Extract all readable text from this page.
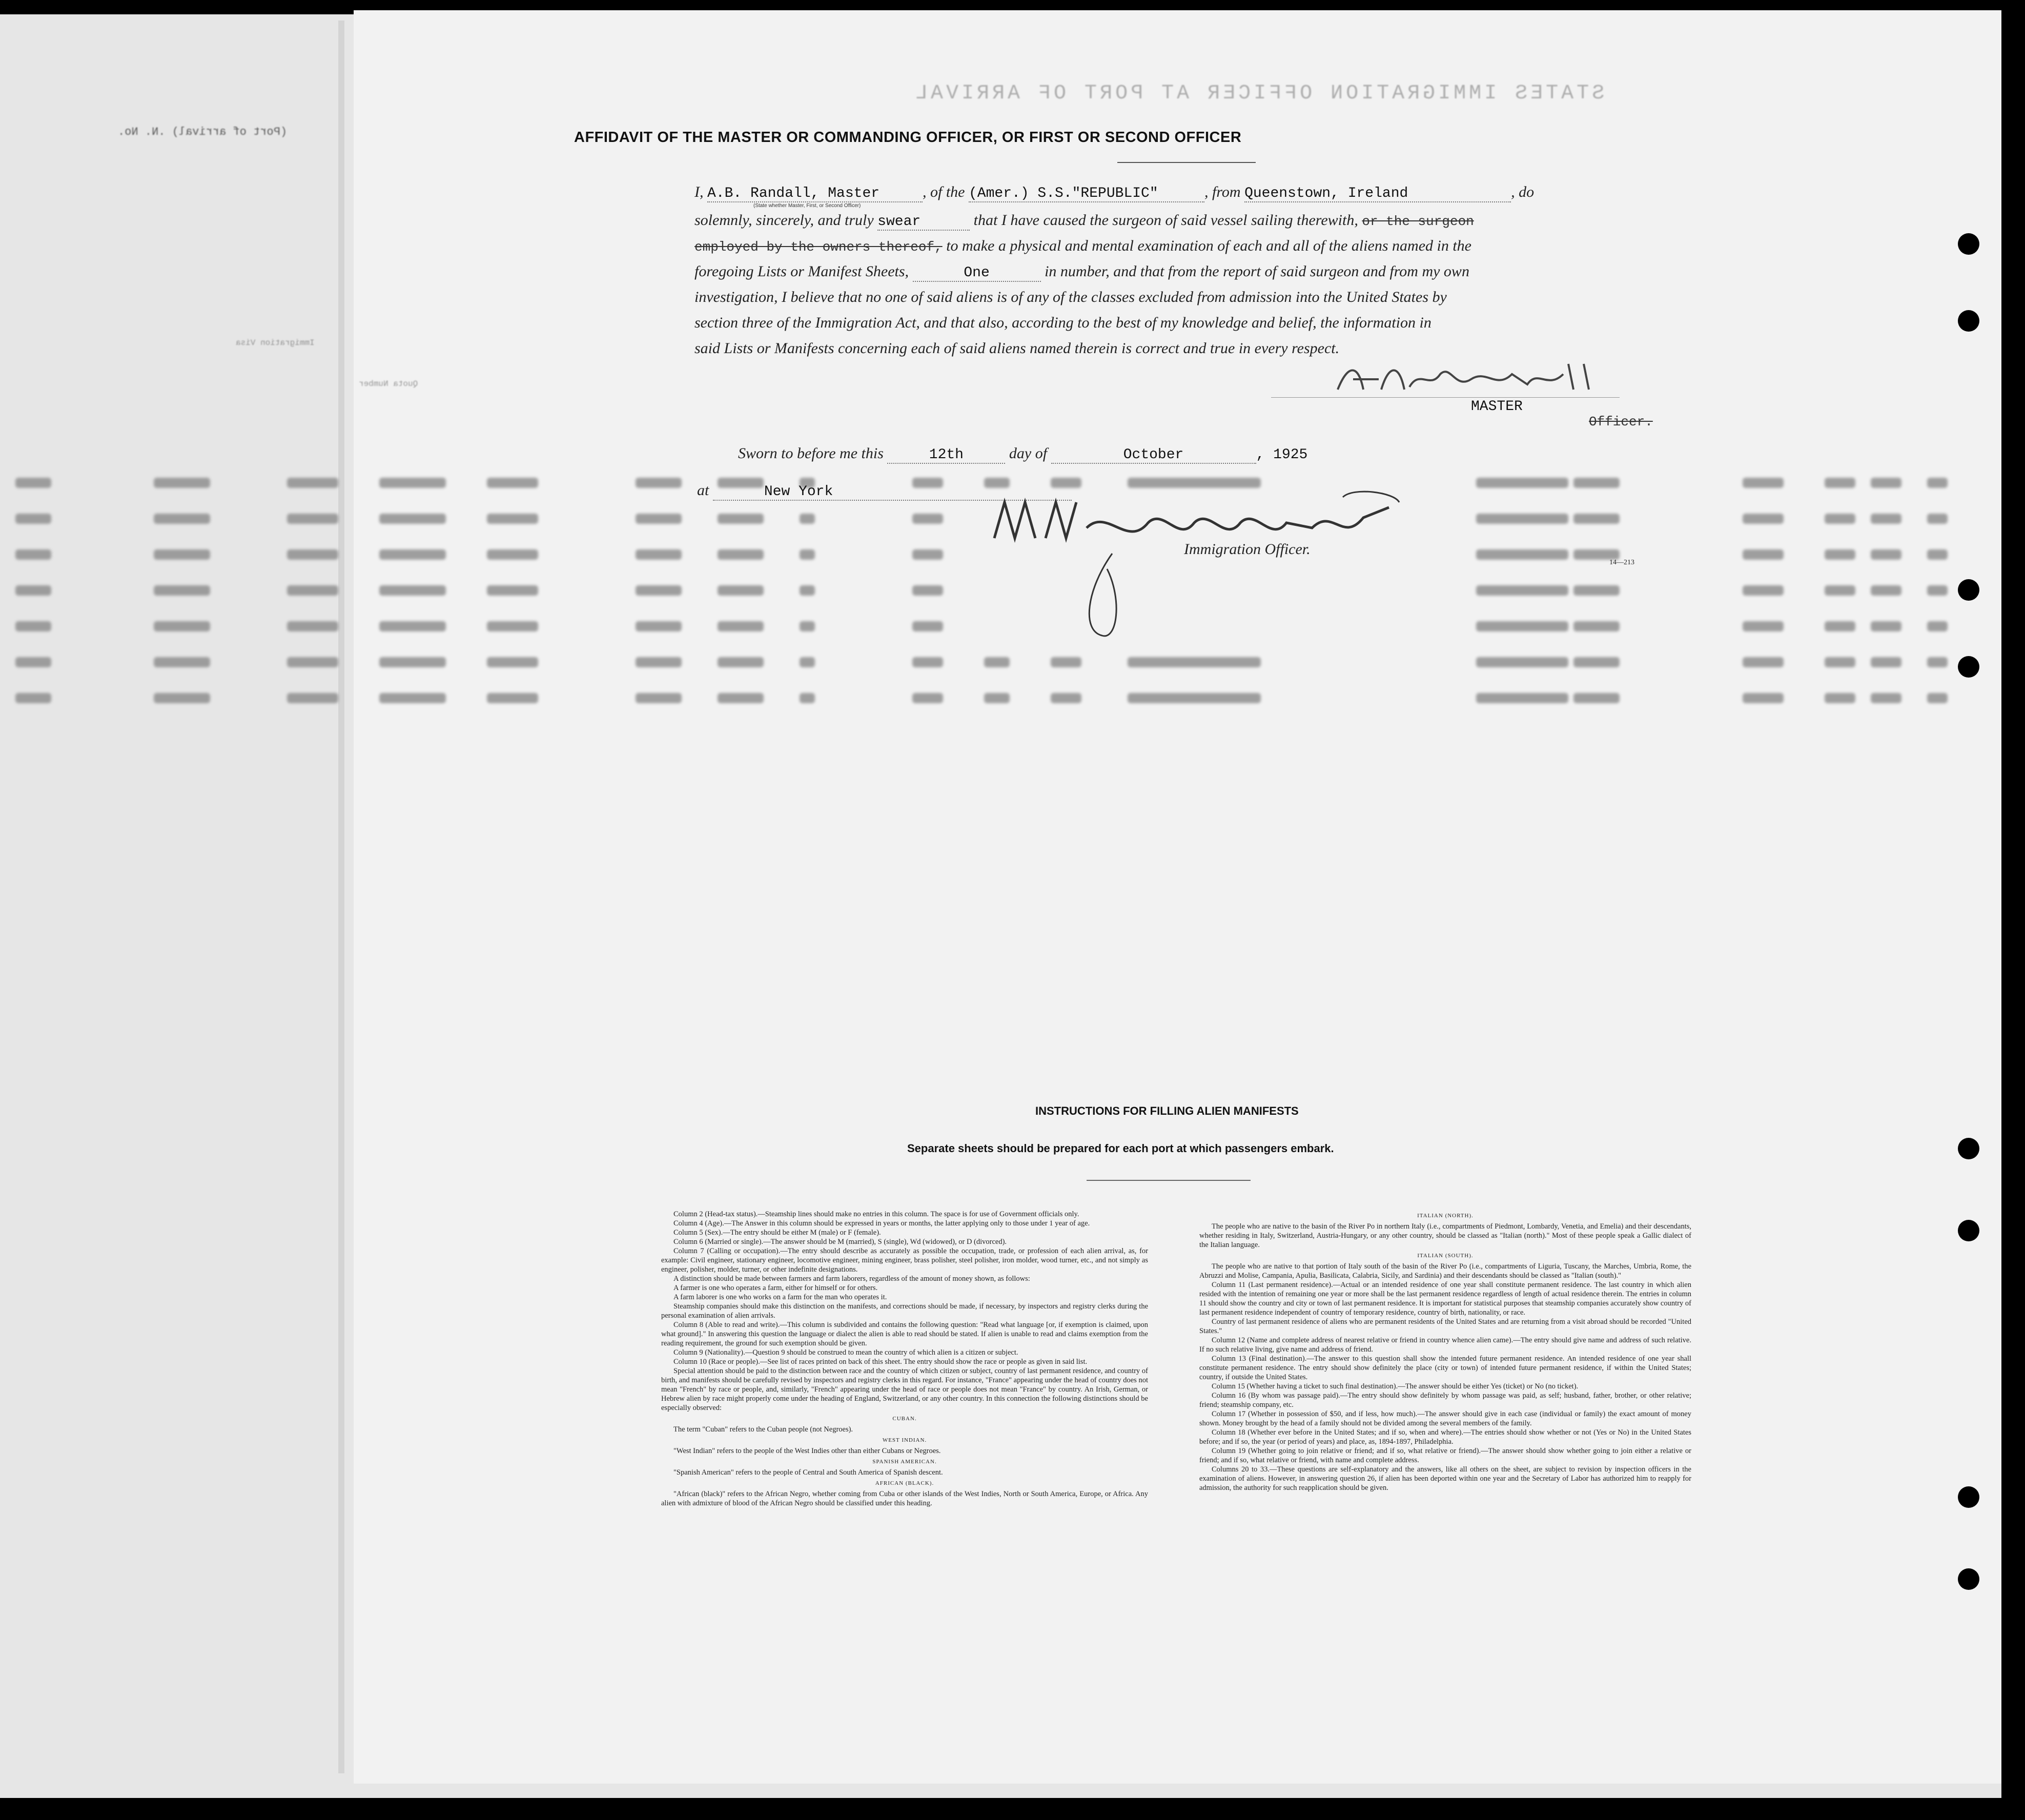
(Port of arrival) .N. No.
STATES IMMIGRATION OFFICER AT PORT OF ARRIVAL
Immigration Visa
Quota Number
AFFIDAVIT OF THE MASTER OR COMMANDING OFFICER, OR FIRST OR SECOND OFFICER
I, A.B. Randall, Master	, of the (Amer.) S.S."REPUBLIC"	, from Queenstown, Ireland	, do
(State whether Master, First, or Second Officer)
solemnly, sincerely, and truly swear	that I have caused the surgeon of said vessel sailing therewith, or the surgeon
employed by the owners thereof, to make a physical and mental examination of each and all of the aliens named in the
foregoing Lists or Manifest Sheets,	One	in number, and that from the report of said surgeon and from my own
investigation, I believe that no one of said aliens is of any of the classes excluded from admission into the United States by
section three of the Immigration Act, and that also, according to the best of my knowledge and belief, the information in
said Lists or Manifests concerning each of said aliens named therein is correct and true in every respect.
MASTER
Officer.
Sworn to before me this	12th	day of	October	, 1925
at	New York
Immigration Officer.
14—213
INSTRUCTIONS FOR FILLING ALIEN MANIFESTS
Separate sheets should be prepared for each port at which passengers embark.

Column 2 (Head-tax status).—Steamship lines should make no entries in this column. The space is for use of Government officials only.

Column 4 (Age).—The Answer in this column should be expressed in years or months, the latter applying only to those under 1 year of age.

Column 5 (Sex).—The entry should be either M (male) or F (female).

Column 6 (Married or single).—The answer should be M (married), S (single), Wd (widowed), or D (divorced).

Column 7 (Calling or occupation).—The entry should describe as accurately as possible the occupation, trade, or profession of each alien arrival, as, for example: Civil engineer, stationary engineer, locomotive engineer, mining engineer, brass polisher, steel polisher, iron molder, wood turner, etc., and not simply as engineer, polisher, molder, turner, or other indefinite designations.

A distinction should be made between farmers and farm laborers, regardless of the amount of money shown, as follows:

A farmer is one who operates a farm, either for himself or for others.

A farm laborer is one who works on a farm for the man who operates it.

Steamship companies should make this distinction on the manifests, and corrections should be made, if necessary, by inspectors and registry clerks during the personal examination of alien arrivals.

Column 8 (Able to read and write).—This column is subdivided and contains the following question: "Read what language [or, if exemption is claimed, upon what ground]." In answering this question the language or dialect the alien is able to read should be stated. If alien is unable to read and claims exemption from the reading requirement, the ground for such exemption should be given.

Column 9 (Nationality).—Question 9 should be construed to mean the country of which alien is a citizen or subject.

Column 10 (Race or people).—See list of races printed on back of this sheet. The entry should show the race or people as given in said list.

Special attention should be paid to the distinction between race and the country of which citizen or subject, country of last permanent residence, and country of birth, and manifests should be carefully revised by inspectors and registry clerks in this regard. For instance, "France" appearing under the head of country does not mean "French" by race or people, and, similarly, "French" appearing under the head of race or people does not mean "France" by country. An Irish, German, or Hebrew alien by race might properly come under the heading of England, Switzerland, or any other country. In this connection the following distinctions should be especially observed:

CUBAN.

The term "Cuban" refers to the Cuban people (not Negroes).

WEST INDIAN.

"West Indian" refers to the people of the West Indies other than either Cubans or Negroes.

SPANISH AMERICAN.

"Spanish American" refers to the people of Central and South America of Spanish descent.

AFRICAN (BLACK).

"African (black)" refers to the African Negro, whether coming from Cuba or other islands of the West Indies, North or South America, Europe, or Africa. Any alien with admixture of blood of the African Negro should be classified under this heading.

ITALIAN (NORTH).

The people who are native to the basin of the River Po in northern Italy (i.e., compartments of Piedmont, Lombardy, Venetia, and Emelia) and their descendants, whether residing in Italy, Switzerland, Austria-Hungary, or any other country, should be classed as "Italian (north)." Most of these people speak a Gallic dialect of the Italian language.

ITALIAN (SOUTH).

The people who are native to that portion of Italy south of the basin of the River Po (i.e., compartments of Liguria, Tuscany, the Marches, Umbria, Rome, the Abruzzi and Molise, Campania, Apulia, Basilicata, Calabria, Sicily, and Sardinia) and their descendants should be classed as "Italian (south)."

Column 11 (Last permanent residence).—Actual or an intended residence of one year shall constitute permanent residence. The last country in which alien resided with the intention of remaining one year or more shall be the last permanent residence regardless of length of actual residence therein. The entries in column 11 should show the country and city or town of last permanent residence. It is important for statistical purposes that steamship companies accurately show country of last permanent residence independent of country of temporary residence, country of birth, nationality, or race.

Country of last permanent residence of aliens who are permanent residents of the United States and are returning from a visit abroad should be recorded "United States."

Column 12 (Name and complete address of nearest relative or friend in country whence alien came).—The entry should give name and address of such relative. If no such relative living, give name and address of friend.

Column 13 (Final destination).—The answer to this question shall show the intended future permanent residence. An intended residence of one year shall constitute permanent residence. The entry should show definitely the place (city or town) of intended future permanent residence, if within the United States; country, if outside the United States.

Column 15 (Whether having a ticket to such final destination).—The answer should be either Yes (ticket) or No (no ticket).

Column 16 (By whom was passage paid).—The entry should show definitely by whom passage was paid, as self; husband, father, brother, or other relative; friend; steamship company, etc.

Column 17 (Whether in possession of $50, and if less, how much).—The answer should give in each case (individual or family) the exact amount of money shown. Money brought by the head of a family should not be divided among the several members of the family.

Column 18 (Whether ever before in the United States; and if so, when and where).—The entries should show whether or not (Yes or No) in the United States before; and if so, the year (or period of years) and place, as, 1894-1897, Philadelphia.

Column 19 (Whether going to join relative or friend; and if so, what relative or friend).—The answer should show whether going to join either a relative or friend; and if so, what relative or friend, with name and complete address.

Columns 20 to 33.—These questions are self-explanatory and the answers, like all others on the sheet, are subject to revision by inspection officers in the examination of aliens. However, in answering question 26, if alien has been deported within one year and the Secretary of Labor has authorized him to reapply for admission, the authority for such reapplication should be given.
